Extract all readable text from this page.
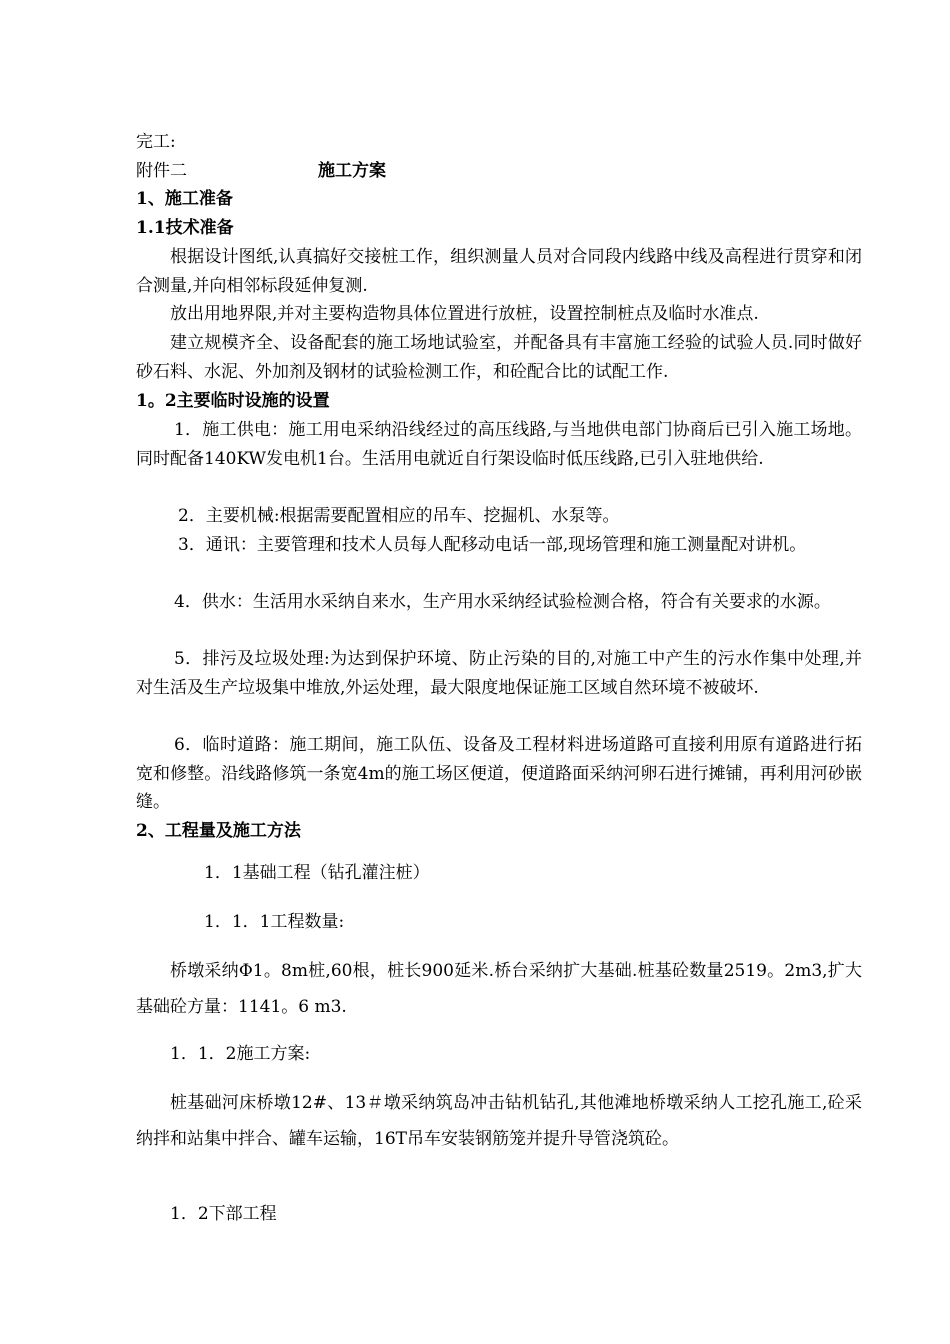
完工:
附件二	施工方案
1、施工准备
1.1技术准备
根据设计图纸,认真搞好交接桩工作，组织测量人员对合同段内线路中线及高程进行贯穿和闭合测量,并向相邻标段延伸复测.
放出用地界限,并对主要构造物具体位置进行放桩，设置控制桩点及临时水准点.
建立规模齐全、设备配套的施工场地试验室，并配备具有丰富施工经验的试验人员.同时做好砂石料、水泥、外加剂及钢材的试验检测工作，和砼配合比的试配工作.
1。2主要临时设施的设置
1．施工供电：施工用电采纳沿线经过的高压线路,与当地供电部门协商后已引入施工场地。同时配备140KW发电机1台。生活用电就近自行架设临时低压线路,已引入驻地供给.
2．主要机械:根据需要配置相应的吊车、挖掘机、水泵等。
3．通讯：主要管理和技术人员每人配移动电话一部,现场管理和施工测量配对讲机。
4．供水：生活用水采纳自来水，生产用水采纳经试验检测合格，符合有关要求的水源。
5．排污及垃圾处理:为达到保护环境、防止污染的目的,对施工中产生的污水作集中处理,并对生活及生产垃圾集中堆放,外运处理，最大限度地保证施工区域自然环境不被破坏.
6．临时道路：施工期间，施工队伍、设备及工程材料进场道路可直接利用原有道路进行拓宽和修整。沿线路修筑一条宽4m的施工场区便道，便道路面采纳河卵石进行摊铺，再利用河砂嵌缝。
2、工程量及施工方法
1．1基础工程（钻孔灌注桩）
1．1．1工程数量:
桥墩采纳Φ1。8m桩,60根，桩长900延米.桥台采纳扩大基础.桩基砼数量2519。2m3,扩大基础砼方量：1141。6 m3.
1．1．2施工方案:
桩基础河床桥墩12#、13＃墩采纳筑岛冲击钻机钻孔,其他滩地桥墩采纳人工挖孔施工,砼采纳拌和站集中拌合、罐车运输，16T吊车安装钢筋笼并提升导管浇筑砼。
1．2下部工程
